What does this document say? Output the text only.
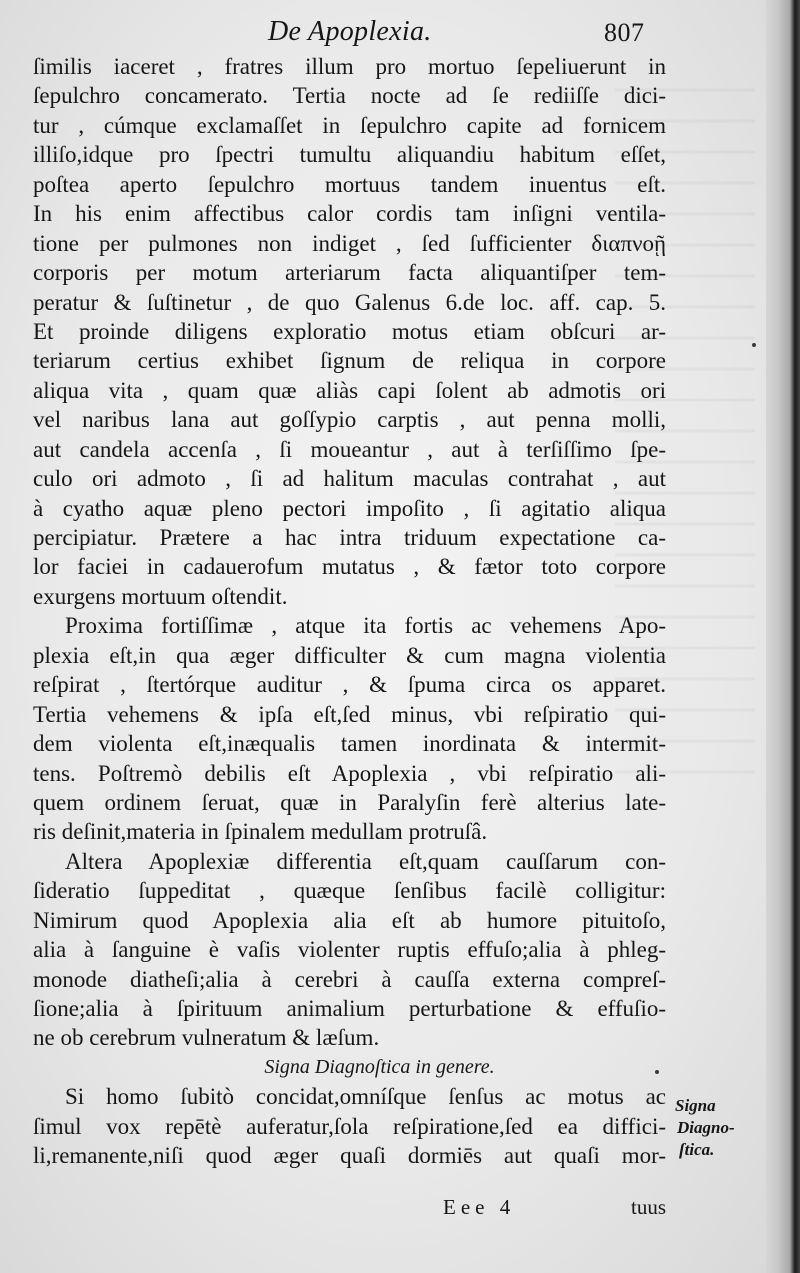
De Apoplexia.	807
ſimilis iaceret , fratres illum pro mortuo ſepeliuerunt in
ſepulchro concamerato. Tertia nocte ad ſe rediiſſe dici-
tur , cúmque exclamaſſet in ſepulchro capite ad fornicem
illiſo,idque pro ſpectri tumultu aliquandiu habitum eſſet,
poſtea aperto ſepulchro mortuus tandem inuentus eſt.
In his enim affectibus calor cordis tam inſigni ventila-
tione per pulmones non indiget , ſed ſufficienter διαπνοῇ
corporis per motum arteriarum facta aliquantiſper tem-
peratur & ſuſtinetur , de quo Galenus 6.de loc. aff. cap. 5.
Et proinde diligens exploratio motus etiam obſcuri ar-
teriarum certius exhibet ſignum de reliqua in corpore
aliqua vita , quam quæ aliàs capi ſolent ab admotis ori
vel naribus lana aut goſſypio carptis , aut penna molli,
aut candela accenſa , ſi moueantur , aut à terſiſſimo ſpe-
culo ori admoto , ſi ad halitum maculas contrahat , aut
à cyatho aquæ pleno pectori impoſito , ſi agitatio aliqua
percipiatur. Prætere a hac intra triduum expectatione ca-
lor faciei in cadauerofum mutatus , & fætor toto corpore
exurgens mortuum oſtendit.
Proxima fortiſſimæ , atque ita fortis ac vehemens Apo-
plexia eſt,in qua æger difficulter & cum magna violentia
reſpirat , ſtertórque auditur , & ſpuma circa os apparet.
Tertia vehemens & ipſa eſt,ſed minus, vbi reſpiratio qui-
dem violenta eſt,inæqualis tamen inordinata & intermit-
tens. Poſtremò debilis eſt Apoplexia , vbi reſpiratio ali-
quem ordinem ſeruat, quæ in Paralyſin ferè alterius late-
ris deſinit,materia in ſpinalem medullam protruſâ.
Altera Apoplexiæ differentia eſt,quam cauſſarum con-
ſideratio ſuppeditat , quæque ſenſibus facilè colligitur:
Nimirum quod Apoplexia alia eſt ab humore pituitoſo,
alia à ſanguine è vaſis violenter ruptis effuſo;alia à phleg-
monode diatheſi;alia à cerebri à cauſſa externa compreſ-
ſione;alia à ſpirituum animalium perturbatione & effuſio-
ne ob cerebrum vulneratum & læſum.
Signa Diagnoſtica in genere.
Si homo ſubitò concidat,omníſque ſenſus ac motus ac
ſimul vox repētè auferatur,ſola reſpiratione,ſed ea diffici-
li,remanente,niſi quod æger quaſi dormiēs aut quaſi mor-
Signa
Diagno-
ſtica.
Eee 4	tuus
